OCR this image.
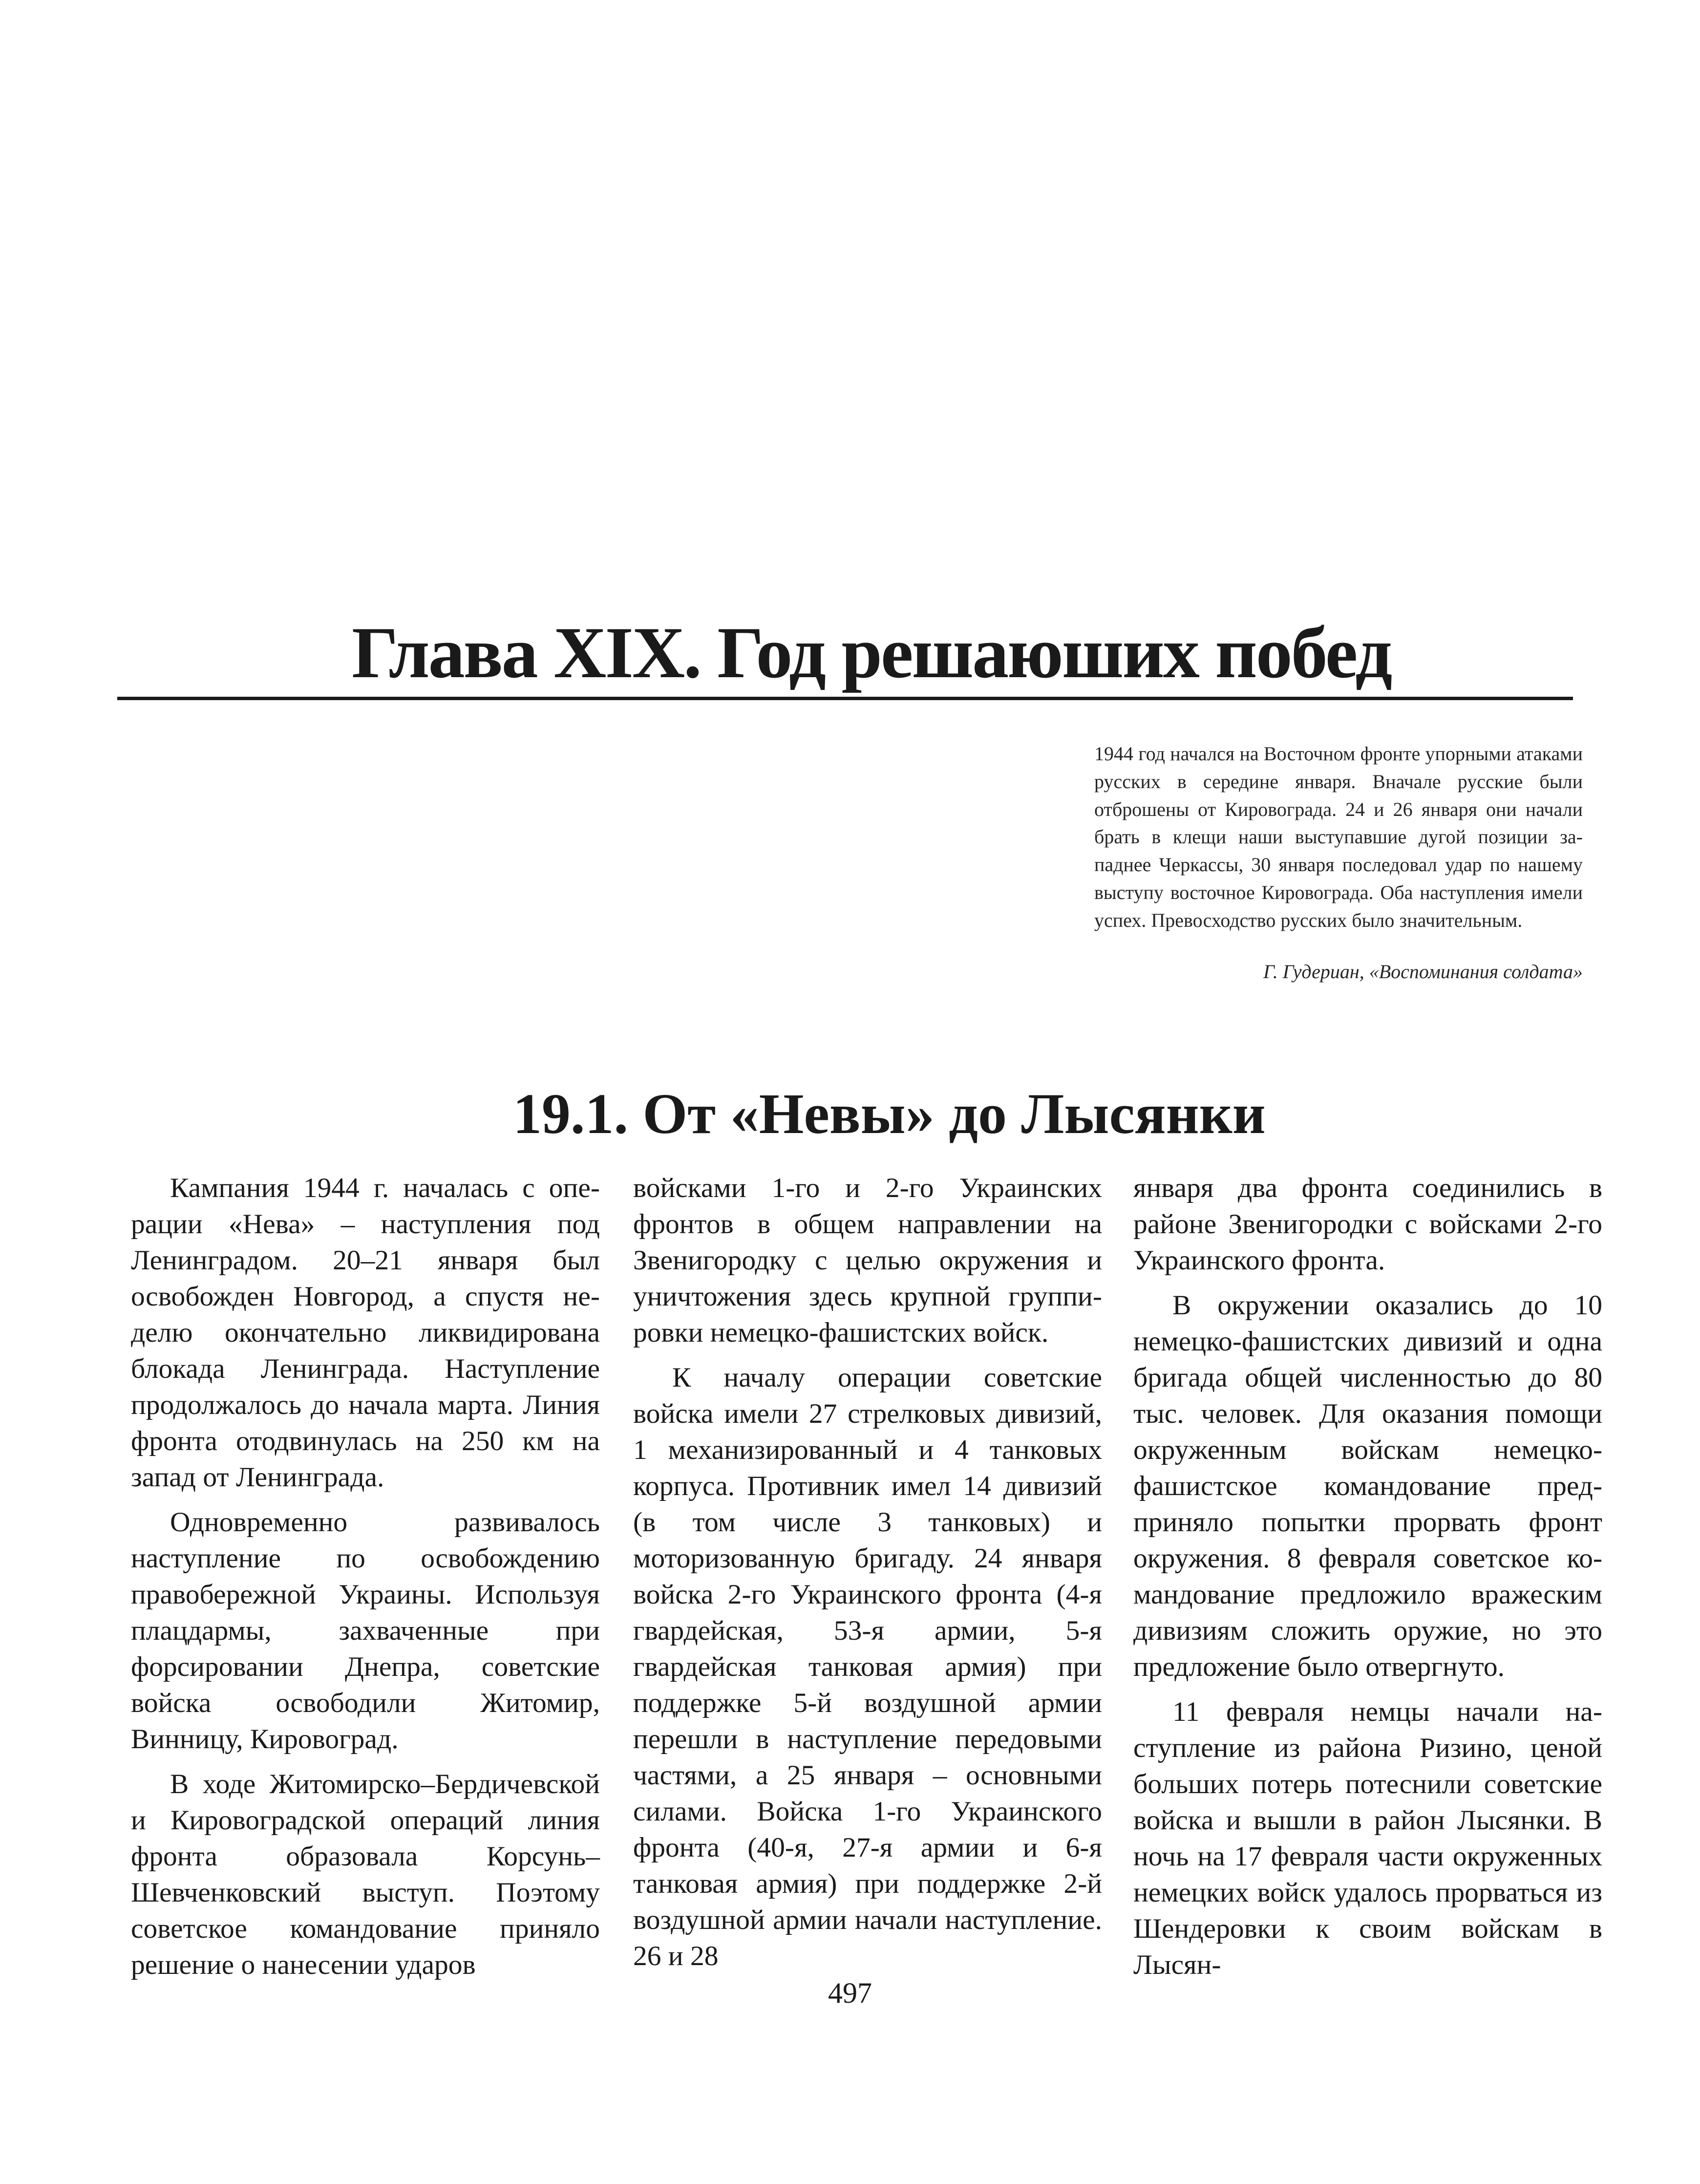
Глава XIX. Год решаюших побед

1944 год начался на Восточном фронте упорными атаками русских в середине января. Вначале русские были отброшены от Кировограда. 24 и 26 января они начали брать в клещи наши выступавшие дугой позиции западнее Черкассы, 30 января последовал удар по нашему выступу восточное Кировограда. Оба наступления имели успех. Превосходство русских было значительным.

Г. Гудериан, «Воспоминания солдата»

19.1. От «Невы» до Лысянки

Кампания 1944 г. началась с операции «Нева» – наступления под Ленинградом. 20–21 января был освобожден Новгород, а спустя неделю окончательно ликвидирована блокада Ленинграда. Наступление продолжалось до начала марта. Линия фронта отодвинулась на 250 км на запад от Ленинграда.

Одновременно развивалось наступление по освобождению правобережной Украины. Используя плацдармы, захваченные при форсировании Днепра, советские войска освободили Житомир, Винницу, Кировоград.

В ходе Житомирско–Бердичевской и Кировоградской операций линия фронта образовала Корсунь–Шевченковский выступ. Поэтому советское командование приняло решение о нанесении ударов

войсками 1-го и 2-го Украинских фронтов в общем направлении на Звенигородку с целью окружения и уничтожения здесь крупной группировки немецко-фашистских войск.

К началу операции советские войска имели 27 стрелковых дивизий, 1 механизированный и 4 танковых корпуса. Противник имел 14 дивизий (в том числе 3 танковых) и моторизованную бригаду. 24 января войска 2-го Украинского фронта (4-я гвардейская, 53-я армии, 5-я гвардейская танковая армия) при поддержке 5-й воздушной армии перешли в наступление передовыми частями, а 25 января – основными силами. Войска 1-го Украинского фронта (40-я, 27-я армии и 6-я танковая армия) при поддержке 2-й воздушной армии начали наступление. 26 и 28

января два фронта соединились в районе Звенигородки с войсками 2-го Украинского фронта.

В окружении оказались до 10 немецко-фашистских дивизий и одна бригада общей численностью до 80 тыс. человек. Для оказания помощи окруженным войскам немецко-фашистское командование предприняло попытки прорвать фронт окружения. 8 февраля советское командование предложило вражеским дивизиям сложить оружие, но это предложение было отвергнуто.

11 февраля немцы начали наступление из района Ризино, ценой больших потерь потеснили советские войска и вышли в район Лысянки. В ночь на 17 февраля части окруженных немецких войск удалось прорваться из Шендеровки к своим войскам в Лысян-

497
